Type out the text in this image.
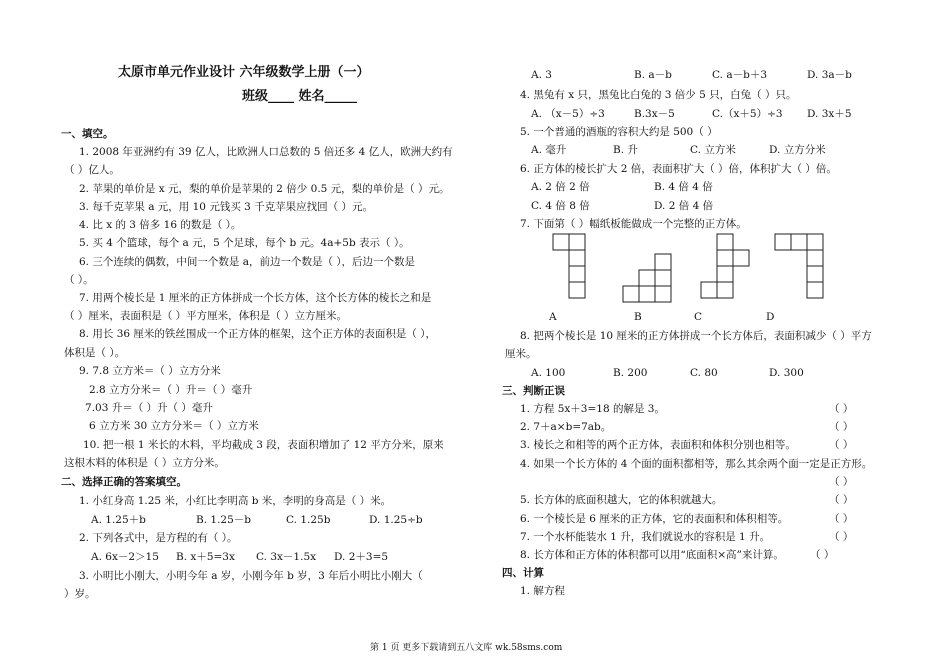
太原市单元作业设计 六年级数学上册（一）
班级____ 姓名_____
一、填空。
1. 2008 年亚洲约有 39 亿人，比欧洲人口总数的 5 倍还多 4 亿人，欧洲大约有
（ ）亿人。
2. 苹果的单价是 x 元，梨的单价是苹果的 2 倍少 0.5 元，梨的单价是（ ）元。
3. 每千克苹果 a 元，用 10 元钱买 3 千克苹果应找回（ ）元。
4. 比 x 的 3 倍多 16 的数是（ ）。
5. 买 4 个篮球，每个 a 元，5 个足球，每个 b 元。4a+5b 表示（ ）。
6. 三个连续的偶数，中间一个数是 a，前边一个数是（ ），后边一个数是
（ ）。
7. 用两个棱长是 1 厘米的正方体拼成一个长方体，这个长方体的棱长之和是
（ ）厘米，表面积是（ ）平方厘米，体积是（ ）立方厘米。
8. 用长 36 厘米的铁丝围成一个正方体的框架，这个正方体的表面积是（ ），
体积是（ ）。
9. 7.8 立方米＝（ ）立方分米
2.8 立方分米＝（ ）升＝（ ）毫升
7.03 升＝（ ）升（ ）毫升
6 立方米 30 立方分米＝（ ）立方米
10. 把一根 1 米长的木料，平均截成 3 段，表面积增加了 12 平方分米，原来
这根木料的体积是（ ）立方分米。
二、选择正确的答案填空。
1. 小红身高 1.25 米，小红比李明高 b 米，李明的身高是（ ）米。
A. 1.25＋b	B. 1.25－b	C. 1.25b	D. 1.25÷b
2. 下列各式中，是方程的有（ ）。
A. 6x－2＞15 B. x＋5=3x C. 3x－1.5x D. 2＋3=5
3. 小明比小刚大，小明今年 a 岁，小刚今年 b 岁，3 年后小明比小刚大（
）岁。
A. 3	B. a－b	C. a－b＋3	D. 3a－b
4. 黑兔有 x 只，黑兔比白兔的 3 倍少 5 只，白兔（ ）只。
A. （x－5）÷3	B.3x－5	C.（x＋5）÷3 D. 3x＋5
5. 一个普通的酒瓶的容积大约是 500（ ）
A. 毫升	B. 升	C. 立方米	D. 立方分米
6. 正方体的棱长扩大 2 倍，表面积扩大（ ）倍，体积扩大（ ）倍。
A. 2 倍 2 倍	B. 4 倍 4 倍
C. 4 倍 8 倍	D. 2 倍 4 倍
7. 下面第（ ）幅纸板能做成一个完整的正方体。
A	B	C	D
8. 把两个棱长是 10 厘米的正方体拼成一个长方体后，表面积减少（ ）平方
厘米。
A. 100	B. 200	C. 80	D. 300
三、判断正误
1. 方程 5x＋3=18 的解是 3。	（ ）
2. 7＋a×b=7ab。	（ ）
3. 棱长之和相等的两个正方体，表面积和体积分别也相等。	（ ）
4. 如果一个长方体的 4 个面的面积都相等，那么其余两个面一定是正方形。
（ ）
5. 长方体的底面积越大，它的体积就越大。	（ ）
6. 一个棱长是 6 厘米的正方体，它的表面积和体积相等。	（ ）
7. 一个水杯能装水 1 升，我们就说水的容积是 1 升。	（ ）
8. 长方体和正方体的体积都可以用“底面积×高”来计算。 （ ）
四、计算
1. 解方程
第 1 页 更多下载请到五八文库 wk.58sms.com
